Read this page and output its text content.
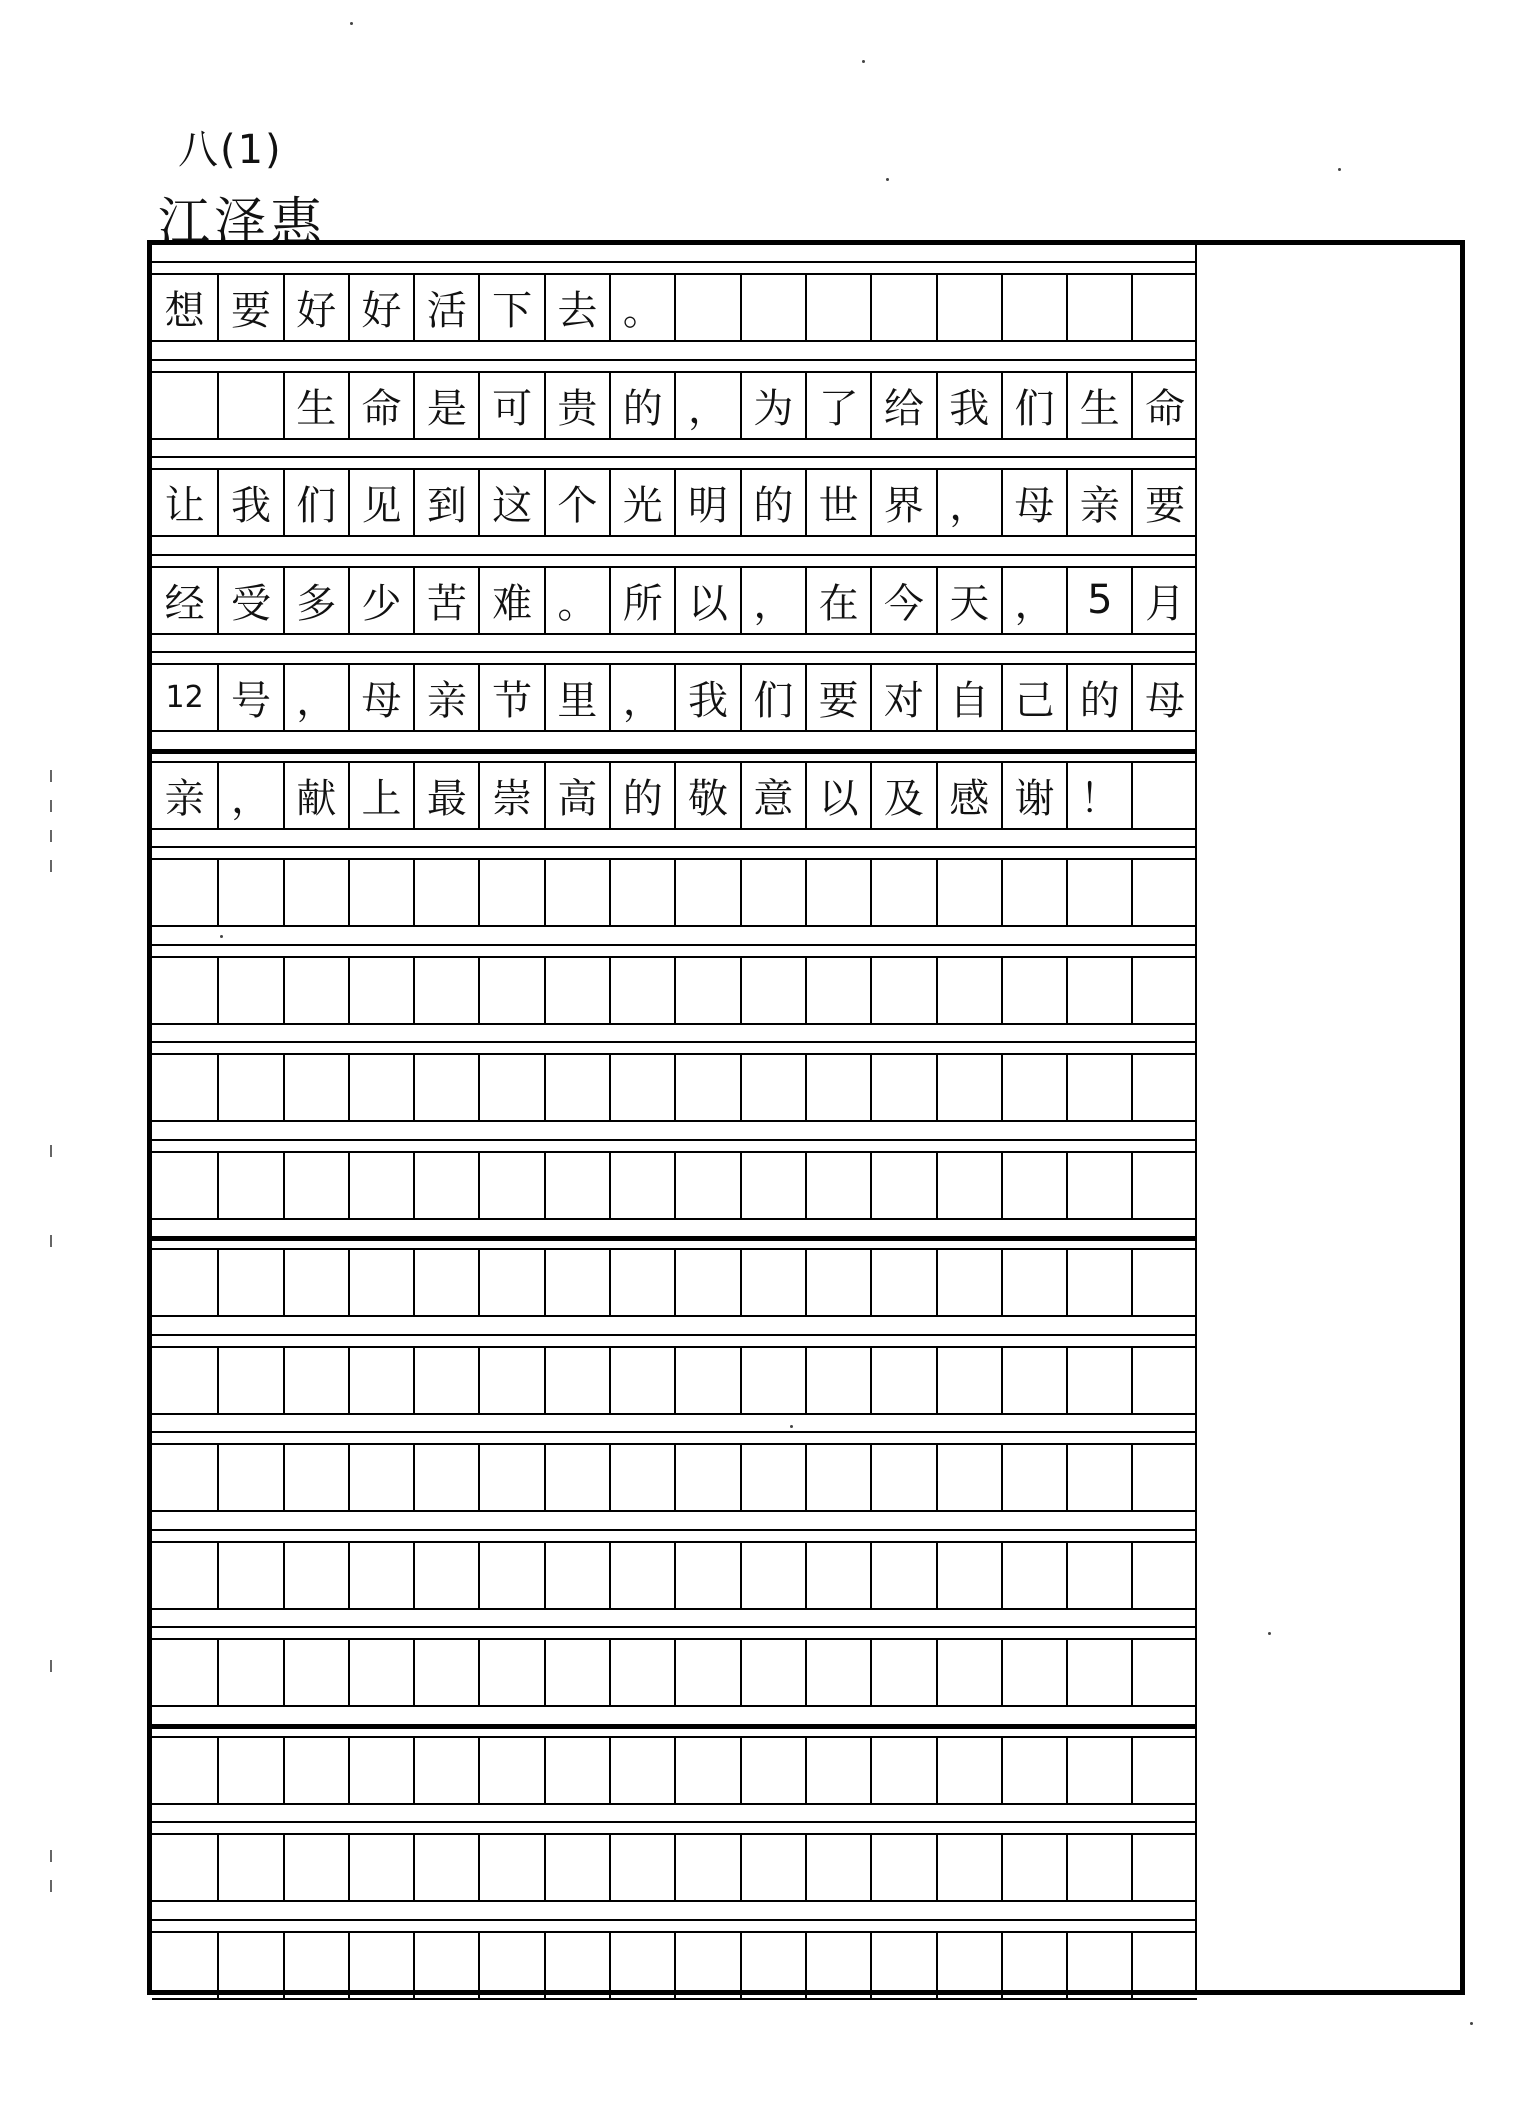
八(1)
江泽惠
想 要 好 好 活 下 去 。
生 命 是 可 贵 的 ， 为 了 给 我 们 生 命
让 我 们 见 到 这 个 光 明 的 世 界 ， 母 亲 要
经 受 多 少 苦 难 。 所 以 ， 在 今 天 ， 5 月
12 号 ， 母 亲 节 里 ， 我 们 要 对 自 己 的 母
亲 ， 献 上 最 崇 高 的 敬 意 以 及 感 谢 ！
